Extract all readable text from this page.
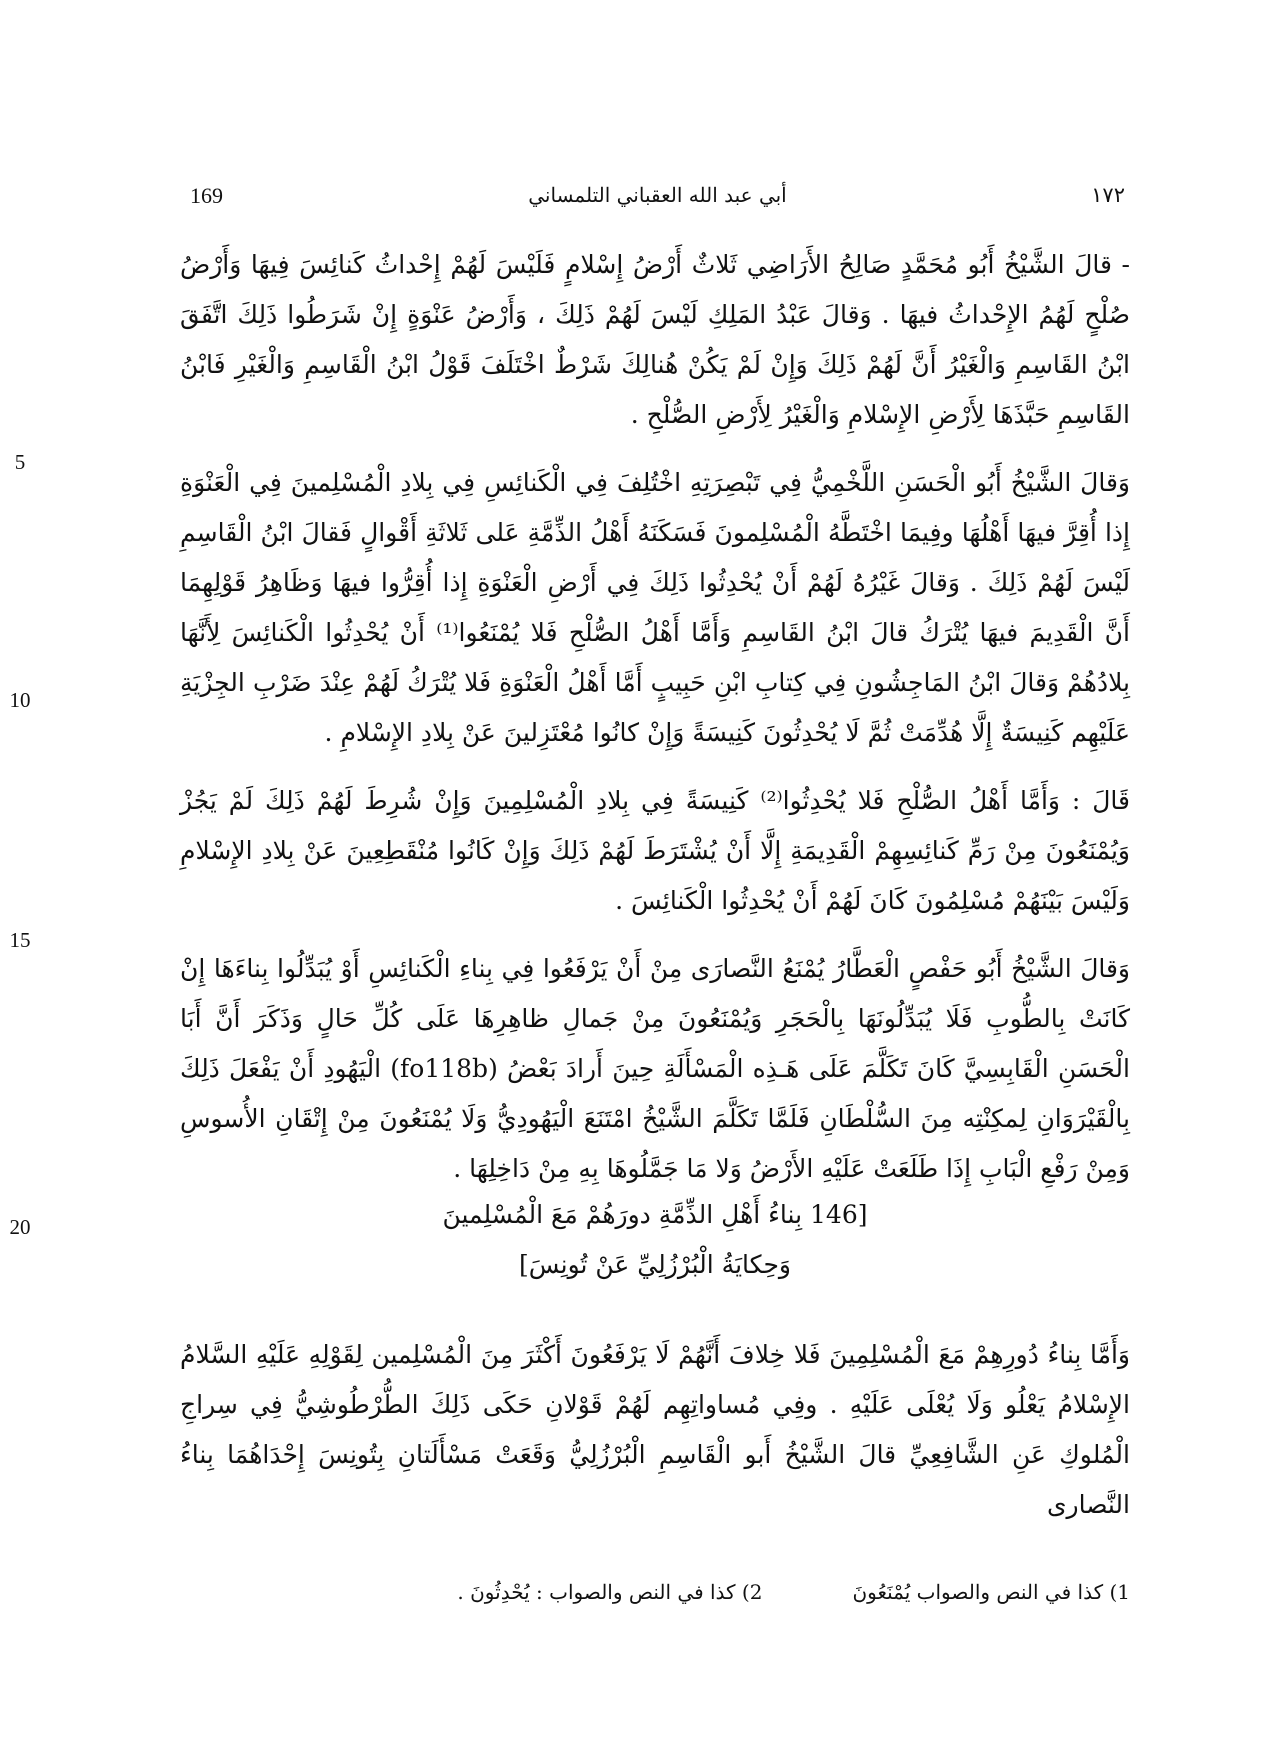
169	أبي عبد الله العقباني التلمساني	١٧٢
5
10
15
20

- قالَ الشَّيْخُ أَبُو مُحَمَّدٍ صَالِحُ الأَرَاضِي ثَلاثٌ أَرْضُ إِسْلامٍ فَلَيْسَ لَهُمْ إِحْداثُ كَنائِسَ فِيهَا وَأَرْضُ صُلْحٍ لَهُمُ الإِحْداثُ فيهَا . وَقالَ عَبْدُ المَلِكِ لَيْسَ لَهُمْ ذَلِكَ ، وَأَرْضُ عَنْوَةٍ إِنْ شَرَطُوا ذَلِكَ اتَّفَقَ ابْنُ القَاسِمِ وَالْغَيْرُ أَنَّ لَهُمْ ذَلِكَ وَإِنْ لَمْ يَكُنْ هُنالِكَ شَرْطٌ اخْتَلَفَ قَوْلُ ابْنُ الْقَاسِمِ وَالْغَيْرِ فَابْنُ القَاسِمِ حَبَّذَهَا لِأَرْضِ الإِسْلامِ وَالْغَيْرُ لِأَرْضِ الصُّلْحِ .

وَقالَ الشَّيْخُ أَبُو الْحَسَنِ اللَّخْمِيُّ فِي تَبْصِرَتِهِ اخْتُلِفَ فِي الْكَنائِسِ فِي بِلادِ الْمُسْلِمينَ فِي الْعَنْوَةِ إِذا أُقِرَّ فيهَا أَهْلُهَا وفِيمَا اخْتَطَّهُ الْمُسْلِمونَ فَسَكَنَهُ أَهْلُ الذِّمَّةِ عَلى ثَلاثَةِ أَقْوالٍ فَقالَ ابْنُ الْقَاسِمِ لَيْسَ لَهُمْ ذَلِكَ . وَقالَ غَيْرُهُ لَهُمْ أَنْ يُحْدِثُوا ذَلِكَ فِي أَرْضِ الْعَنْوَةِ إِذا أُقِرُّوا فيهَا وَظَاهِرُ قَوْلِهِمَا أَنَّ الْقَدِيمَ فيهَا يُتْرَكُ قالَ ابْنُ القَاسِمِ وَأَمَّا أَهْلُ الصُّلْحِ فَلا يُمْنَعُوا⁽¹⁾ أَنْ يُحْدِثُوا الْكَنائِسَ لِأَنَّهَا بِلادُهُمْ وَقالَ ابْنُ المَاجِشُونِ فِي كِتابِ ابْنِ حَبِيبٍ أَمَّا أَهْلُ الْعَنْوَةِ فَلا يُتْرَكُ لَهُمْ عِنْدَ ضَرْبِ الجِزْيَةِ عَلَيْهِم كَنِيسَةٌ إِلَّا هُدِّمَتْ ثُمَّ لَا يُحْدِثُونَ كَنِيسَةً وَإِنْ كانُوا مُعْتَزِلينَ عَنْ بِلادِ الإِسْلامِ .

قَالَ : وَأَمَّا أَهْلُ الصُّلْحِ فَلا يُحْدِثُوا⁽²⁾ كَنِيسَةً فِي بِلادِ الْمُسْلِمِينَ وَإِنْ شُرِطَ لَهُمْ ذَلِكَ لَمْ يَجُزْ وَيُمْنَعُونَ مِنْ رَمِّ كَنائِسِهِمْ الْقَدِيمَةِ إِلَّا أَنْ يُشْتَرَطَ لَهُمْ ذَلِكَ وَإِنْ كَانُوا مُنْقَطِعِينَ عَنْ بِلادِ الإِسْلامِ وَلَيْسَ بَيْنَهُمْ مُسْلِمُونَ كَانَ لَهُمْ أَنْ يُحْدِثُوا الْكَنائِسَ .

وَقالَ الشَّيْخُ أَبُو حَفْصٍ الْعَطَّارُ يُمْنَعُ النَّصارَى مِنْ أَنْ يَرْفَعُوا فِي بِناءِ الْكَنائِسِ أَوْ يُبَدِّلُوا بِناءَهَا إِنْ كَانَتْ بِالطُّوبِ فَلَا يُبَدِّلُونَهَا بِالْحَجَرِ وَيُمْنَعُونَ مِنْ جَمالِ ظاهِرِهَا عَلَى كُلِّ حَالٍ وَذَكَرَ أَنَّ أَبَا الْحَسَنِ الْقَابِسِيَّ كَانَ تَكَلَّمَ عَلَى هَـذِه الْمَسْأَلَةِ حِينَ أَرادَ بَعْضُ (fo118b) الْيَهُودِ أَنْ يَفْعَلَ ذَلِكَ بِالْقَيْرَوَانِ لِمكِنْتِه مِنَ السُّلْطَانِ فَلَمَّا تَكَلَّمَ الشَّيْخُ امْتَنَعَ الْيَهُودِيُّ وَلَا يُمْنَعُونَ مِنْ إِتْقَانِ الأُسوسِ وَمِنْ رَفْعِ الْبَابِ إِذَا طَلَعَتْ عَلَيْهِ الأَرْضُ وَلا مَا جَمَّلُوهَا بِهِ مِنْ دَاخِلِهَا .

[146 بِناءُ أَهْلِ الذِّمَّةِ دورَهُمْ مَعَ الْمُسْلِمينَ
وَحِكايَةُ الْبُرْزُلِيِّ عَنْ تُونِسَ]

وَأَمَّا بِناءُ دُورِهِمْ مَعَ الْمُسْلِمِينَ فَلا خِلافَ أَنَّهُمْ لَا يَرْفَعُونَ أَكْثَرَ مِنَ الْمُسْلِمين لِقَوْلِهِ عَلَيْهِ السَّلامُ الإِسْلامُ يَعْلُو وَلَا يُعْلَى عَلَيْهِ . وفِي مُساواتِهِم لَهُمْ قَوْلانِ حَكَى ذَلِكَ الطُّرْطُوشِيُّ فِي سِراجِ الْمُلوكِ عَنِ الشَّافِعِيِّ قالَ الشَّيْخُ أَبو الْقَاسِمِ الْبُرْزُلِيُّ وَقَعَتْ مَسْأَلَتانِ بِتُونِسَ إِحْدَاهُمَا بِناءُ النَّصارى

1) كذا في النص والصواب يُمْنَعُونَ
2) كذا في النص والصواب : يُحْدِثُونَ .
